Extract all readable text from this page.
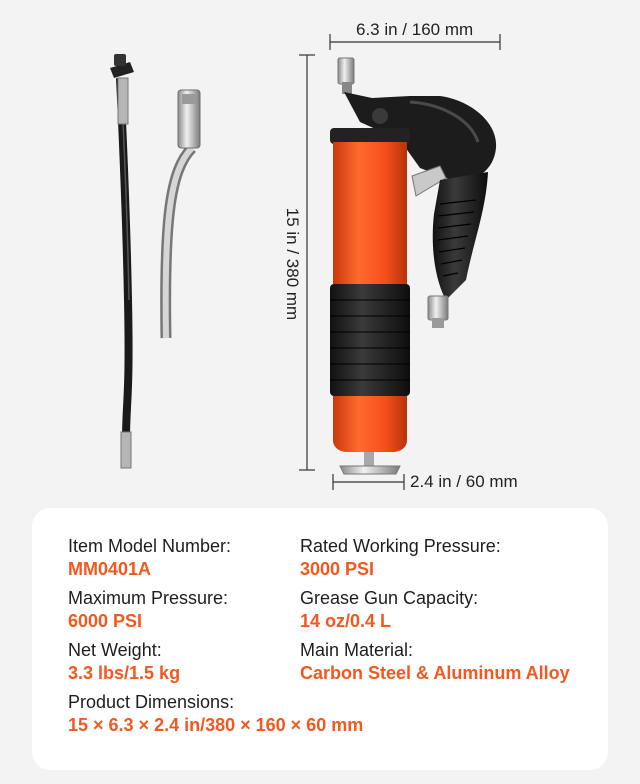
6.3 in / 160 mm
15 in / 380 mm
2.4 in / 60 mm
Item Model Number:
MM0401A
Rated Working Pressure:
3000 PSI
Maximum Pressure:
6000 PSI
Grease Gun Capacity:
14 oz/0.4 L
Net Weight:
3.3 lbs/1.5 kg
Main Material:
Carbon Steel & Aluminum Alloy
Product Dimensions:
15 × 6.3 × 2.4 in/380 × 160 × 60 mm
